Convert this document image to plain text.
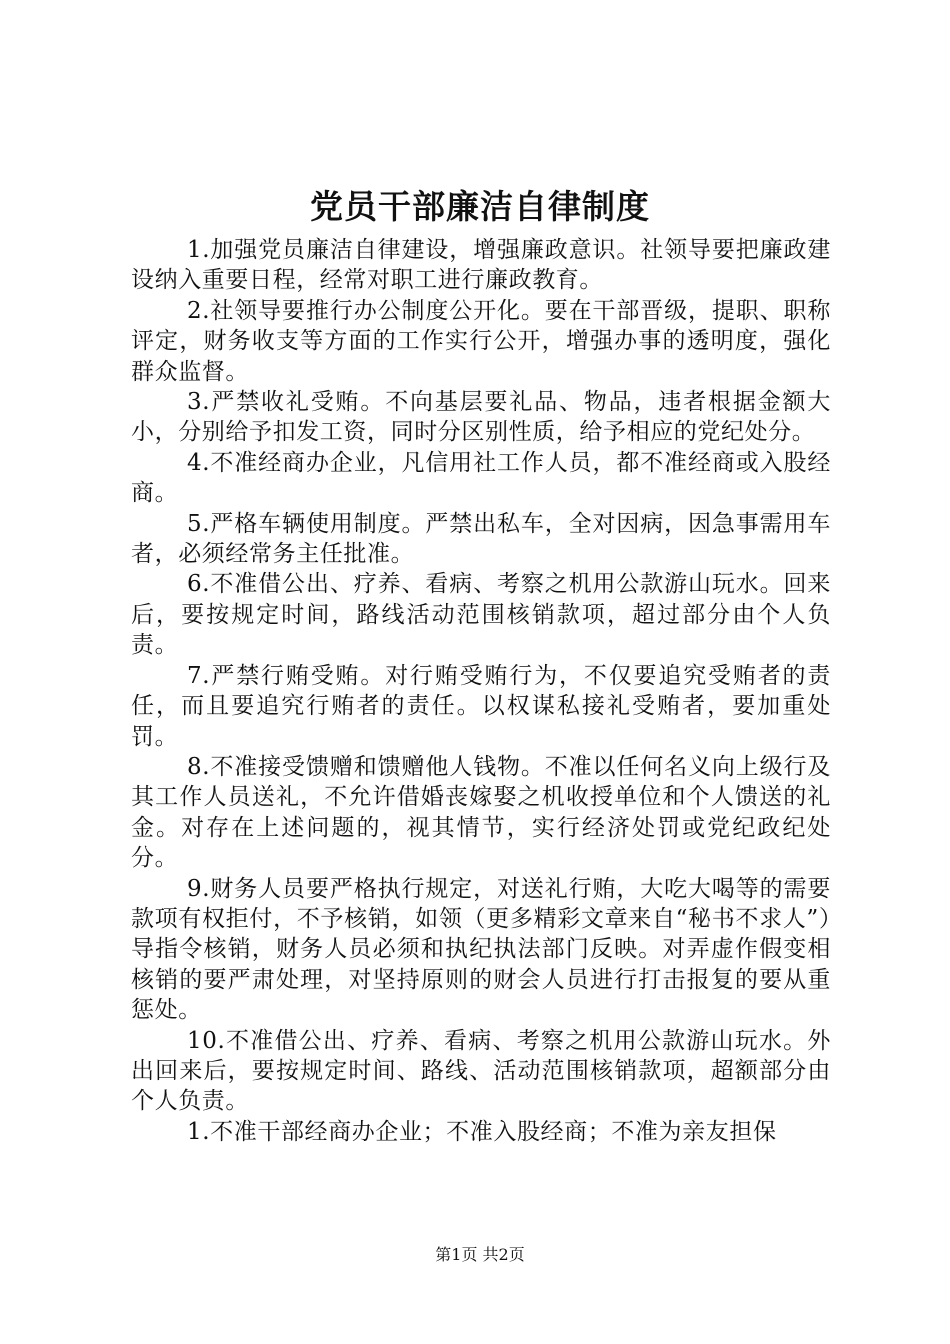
党员干部廉洁自律制度

1.加强党员廉洁自律建设，增强廉政意识。社领导要把廉政建设纳入重要日程，经常对职工进行廉政教育。

2.社领导要推行办公制度公开化。要在干部晋级，提职、职称评定，财务收支等方面的工作实行公开，增强办事的透明度，强化群众监督。

3.严禁收礼受贿。不向基层要礼品、物品，违者根据金额大小，分别给予扣发工资，同时分区别性质，给予相应的党纪处分。

4.不准经商办企业，凡信用社工作人员，都不准经商或入股经商。

5.严格车辆使用制度。严禁出私车，全对因病，因急事需用车者，必须经常务主任批准。

6.不准借公出、疗养、看病、考察之机用公款游山玩水。回来后，要按规定时间，路线活动范围核销款项，超过部分由个人负责。

7.严禁行贿受贿。对行贿受贿行为，不仅要追究受贿者的责任，而且要追究行贿者的责任。以权谋私接礼受贿者，要加重处罚。

8.不准接受馈赠和馈赠他人钱物。不准以任何名义向上级行及其工作人员送礼，不允许借婚丧嫁娶之机收授单位和个人馈送的礼金。对存在上述问题的，视其情节，实行经济处罚或党纪政纪处分。

9.财务人员要严格执行规定，对送礼行贿，大吃大喝等的需要款项有权拒付，不予核销，如领（更多精彩文章来自“秘书不求人”）导指令核销，财务人员必须和执纪执法部门反映。对弄虚作假变相核销的要严肃处理，对坚持原则的财会人员进行打击报复的要从重惩处。

10.不准借公出、疗养、看病、考察之机用公款游山玩水。外出回来后，要按规定时间、路线、活动范围核销款项，超额部分由个人负责。

1.不准干部经商办企业；不准入股经商；不准为亲友担保

第1页 共2页
